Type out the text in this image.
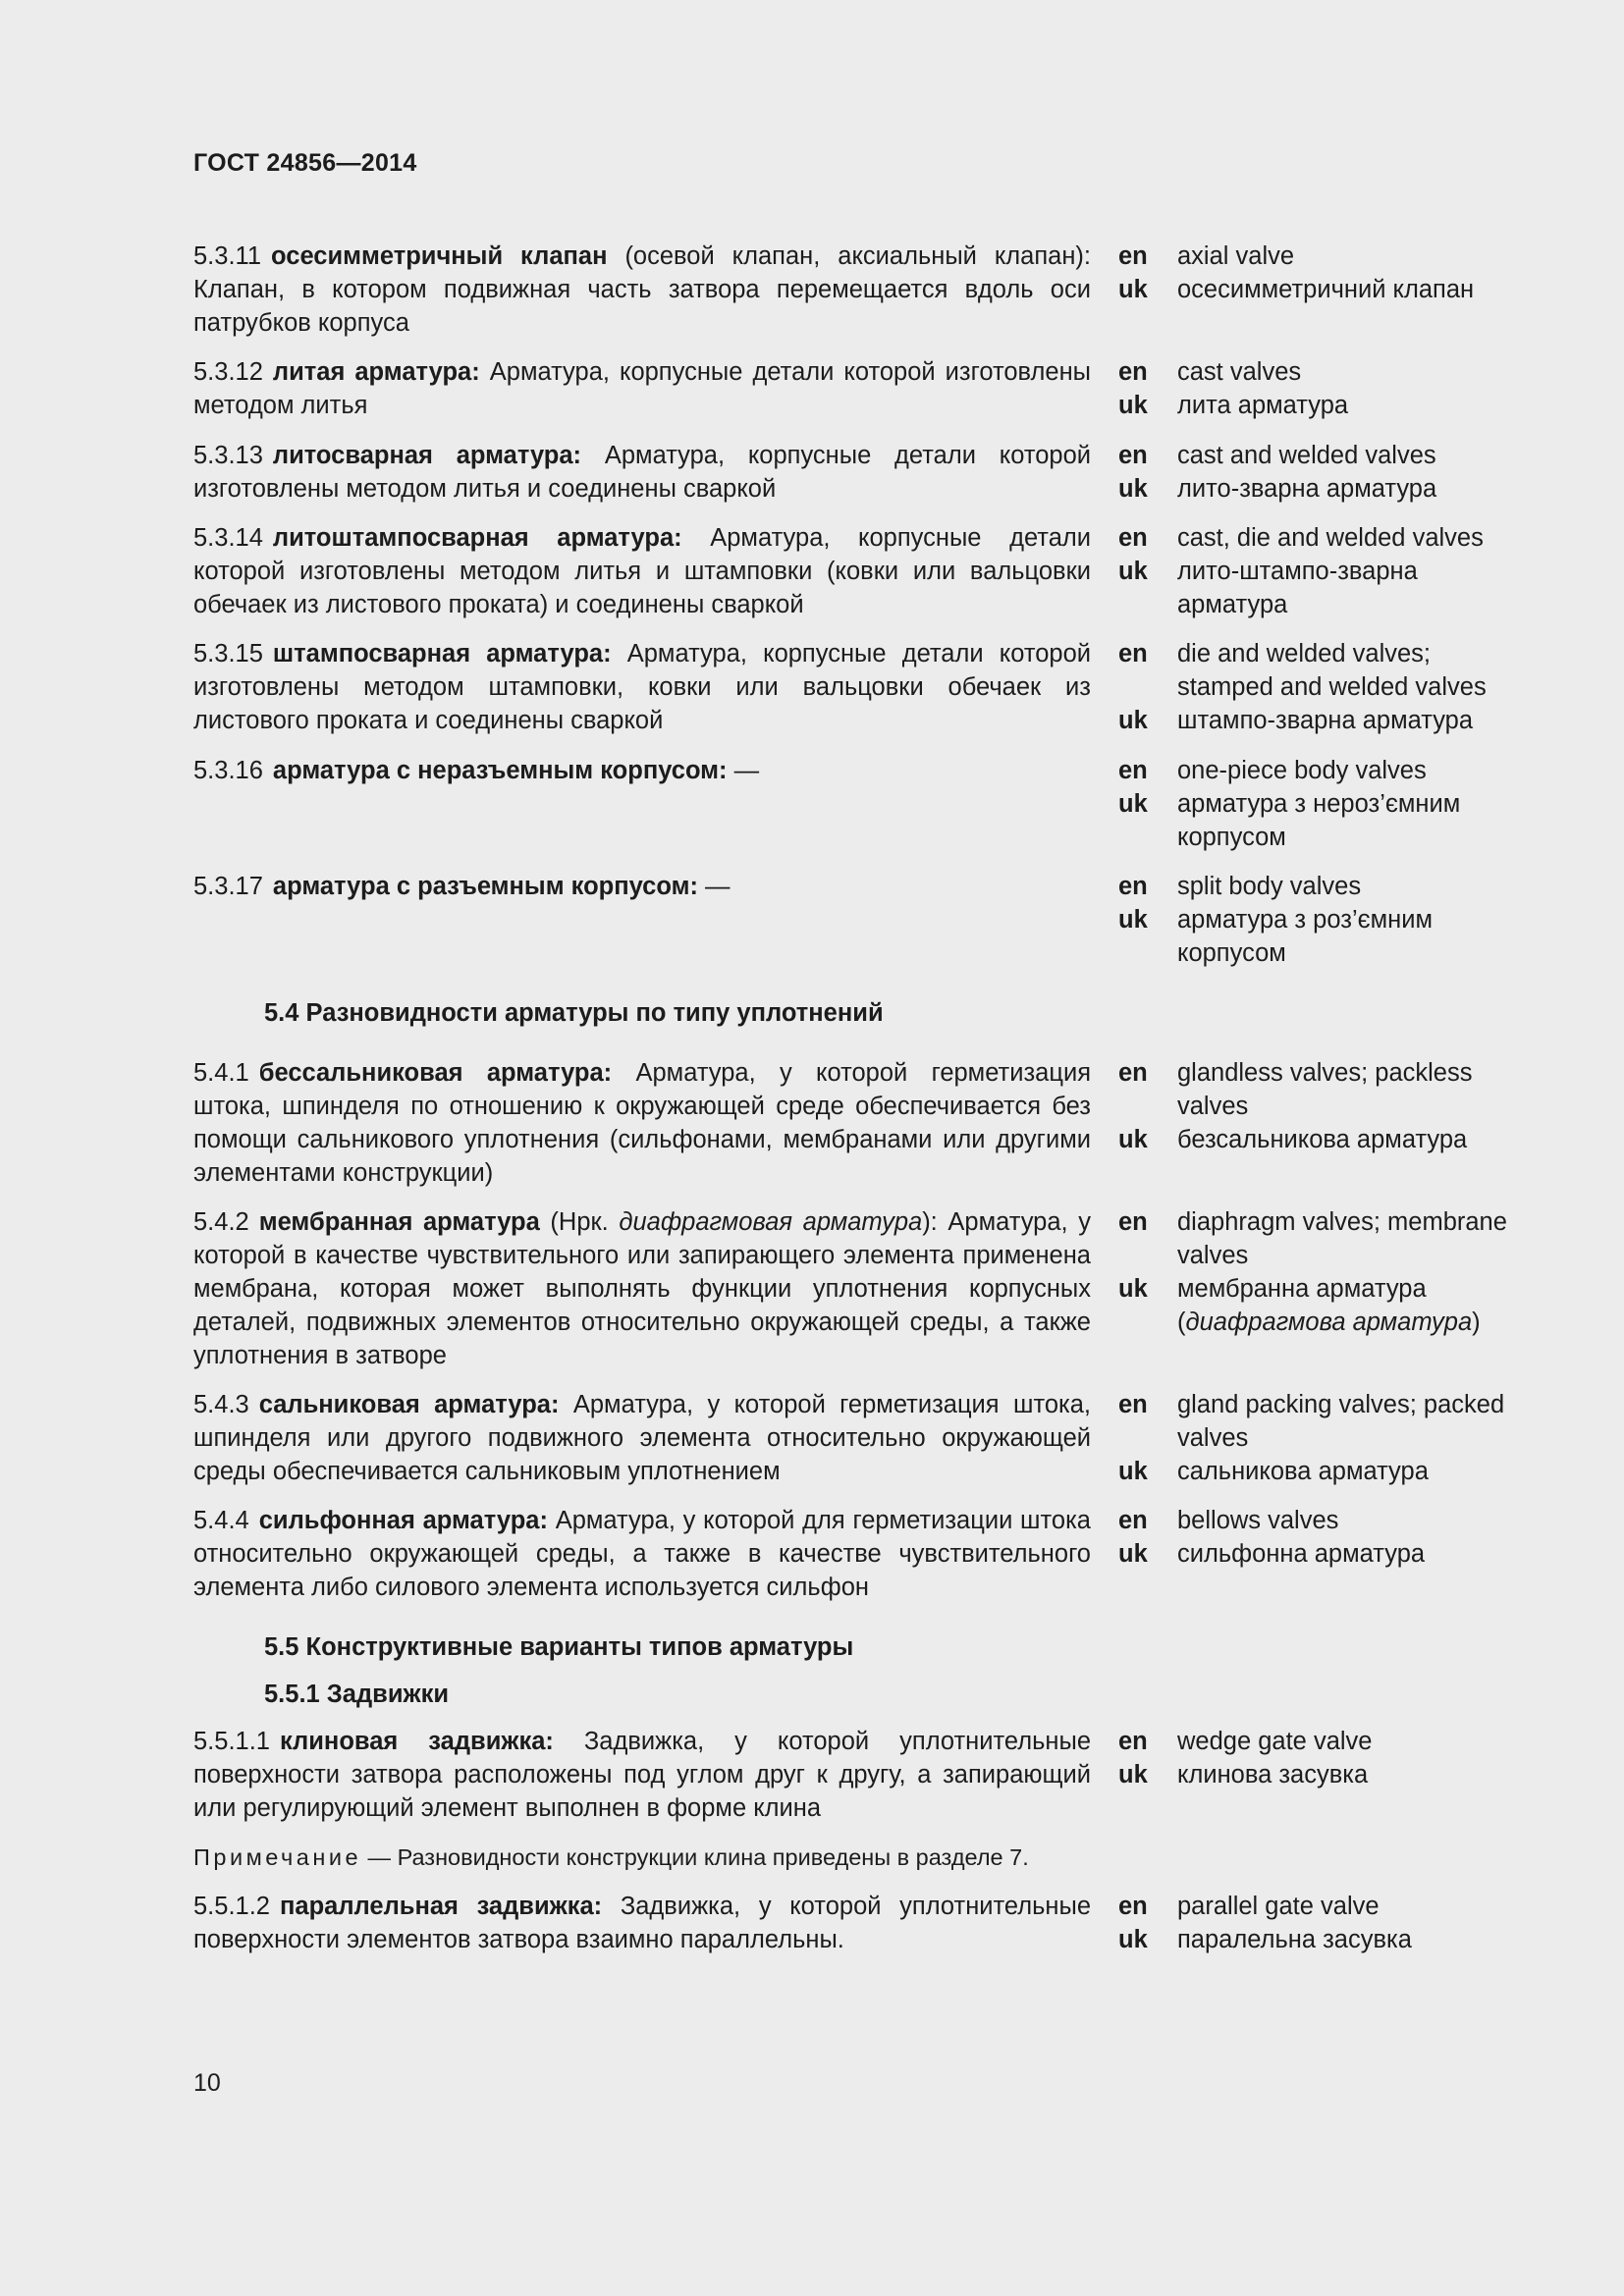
ГОСТ 24856—2014
5.3.11 осесимметричный клапан (осевой клапан, аксиальный клапан): Клапан, в котором подвижная часть затвора перемещается вдоль оси патрубков корпуса
en	axial valve
uk	осесимметричний клапан
5.3.12 литая арматура: Арматура, корпусные детали которой изготовлены методом литья
en	cast valves
uk	лита арматура
5.3.13 литосварная арматура: Арматура, корпусные детали которой изготовлены методом литья и соединены сваркой
en	cast and welded valves
uk	лито-зварна арматура
5.3.14 литоштампосварная арматура: Арматура, корпусные детали которой изготовлены методом литья и штамповки (ковки или вальцовки обечаек из листового проката) и соединены сваркой
en	cast, die and welded valves
uk	лито-штампо-зварна арматура
5.3.15 штампосварная арматура: Арматура, корпусные детали которой изготовлены методом штамповки, ковки или вальцовки обечаек из листового проката и соединены сваркой
en	die and welded valves; stamped and welded valves
uk	штампо-зварна арматура
5.3.16 арматура с неразъемным корпусом: —	en	one-piece body valves
uk	арматура з нероз’ємним корпусом
5.3.17 арматура с разъемным корпусом: —	en	split body valves
uk	арматура з роз’ємним корпусом
5.4 Разновидности арматуры по типу уплотнений
5.4.1 бессальниковая арматура: Арматура, у которой герметизация штока, шпинделя по отношению к окружающей среде обеспечивается без помощи сальникового уплотнения (сильфонами, мембранами или другими элементами конструкции)
en	glandless valves; packless valves
uk	безсальникова арматура
5.4.2 мембранная арматура (Нрк. диафрагмовая арматура): Арматура, у которой в качестве чувствительного или запирающего элемента применена мембрана, которая может выполнять функции уплотнения корпусных деталей, подвижных элементов относительно окружающей среды, а также уплотнения в затворе
en	diaphragm valves; membrane valves
uk	мембранна арматура (диафрагмова арматура)
5.4.3 сальниковая арматура: Арматура, у которой герметизация штока, шпинделя или другого подвижного элемента относительно окружающей среды обеспечивается сальниковым уплотнением
en	gland packing valves; packed valves
uk	сальникова арматура
5.4.4 сильфонная арматура: Арматура, у которой для герметизации штока относительно окружающей среды, а также в качестве чувствительного элемента либо силового элемента используется сильфон
en	bellows valves
uk	сильфонна арматура
5.5 Конструктивные варианты типов арматуры
5.5.1 Задвижки
5.5.1.1 клиновая задвижка: Задвижка, у которой уплотнительные поверхности затвора расположены под углом друг к другу, а запирающий или регулирующий элемент выполнен в форме клина
en	wedge gate valve
uk	клинова засувка
Примечание — Разновидности конструкции клина приведены в разделе 7.
5.5.1.2 параллельная задвижка: Задвижка, у которой уплотнительные поверхности элементов затвора взаимно параллельны.
en	parallel gate valve
uk	паралельна засувка
10
